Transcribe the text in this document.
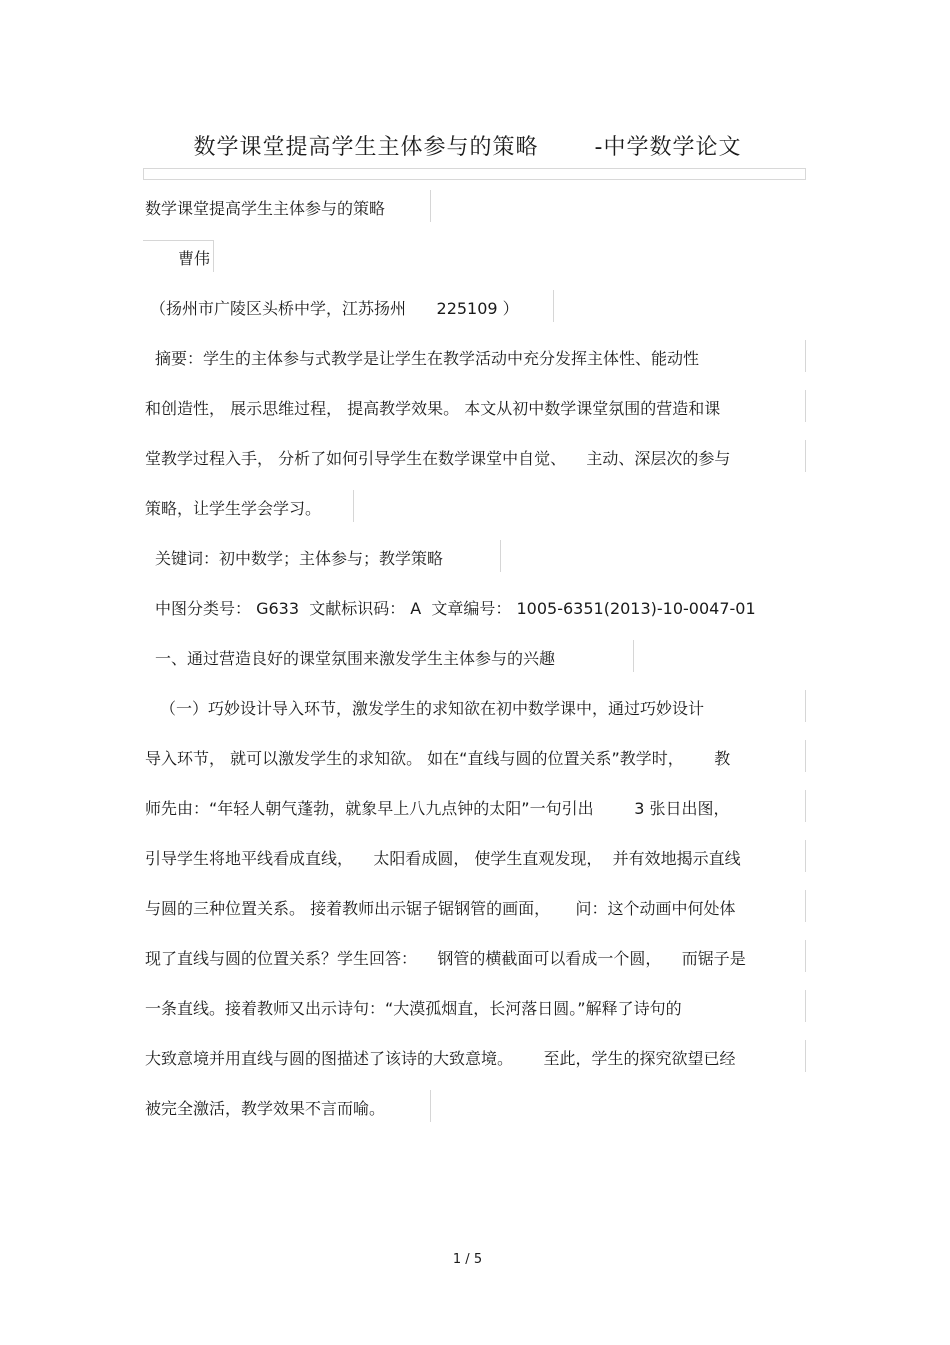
数学课堂提高学生主体参与的策略       -中学数学论文
数学课堂提高学生主体参与的策略
曹伟
（扬州市广陵区头桥中学，江苏扬州      225109 ）
摘要：学生的主体参与式教学是让学生在教学活动中充分发挥主体性、能动性
和创造性， 展示思维过程， 提高教学效果。 本文从初中数学课堂氛围的营造和课
堂教学过程入手， 分析了如何引导学生在数学课堂中自觉、    主动、深层次的参与
策略，让学生学会学习。
关键词：初中数学；主体参与；教学策略
中图分类号： G633  文献标识码： A  文章编号： 1005-6351(2013)-10-0047-01
一、通过营造良好的课堂氛围来激发学生主体参与的兴趣
（一）巧妙设计导入环节，激发学生的求知欲在初中数学课中，通过巧妙设计
导入环节， 就可以激发学生的求知欲。 如在“直线与圆的位置关系”教学时，      教
师先由：“年轻人朝气蓬勃，就象早上八九点钟的太阳”一句引出        3 张日出图，
引导学生将地平线看成直线，    太阳看成圆， 使学生直观发现，  并有效地揭示直线
与圆的三种位置关系。 接着教师出示锯子锯钢管的画面，     问：这个动画中何处体
现了直线与圆的位置关系？学生回答：    钢管的横截面可以看成一个圆，    而锯子是
一条直线。接着教师又出示诗句：“大漠孤烟直，长河落日圆。”解释了诗句的
大致意境并用直线与圆的图描述了该诗的大致意境。      至此，学生的探究欲望已经
被完全激活，教学效果不言而喻。
1 / 5
